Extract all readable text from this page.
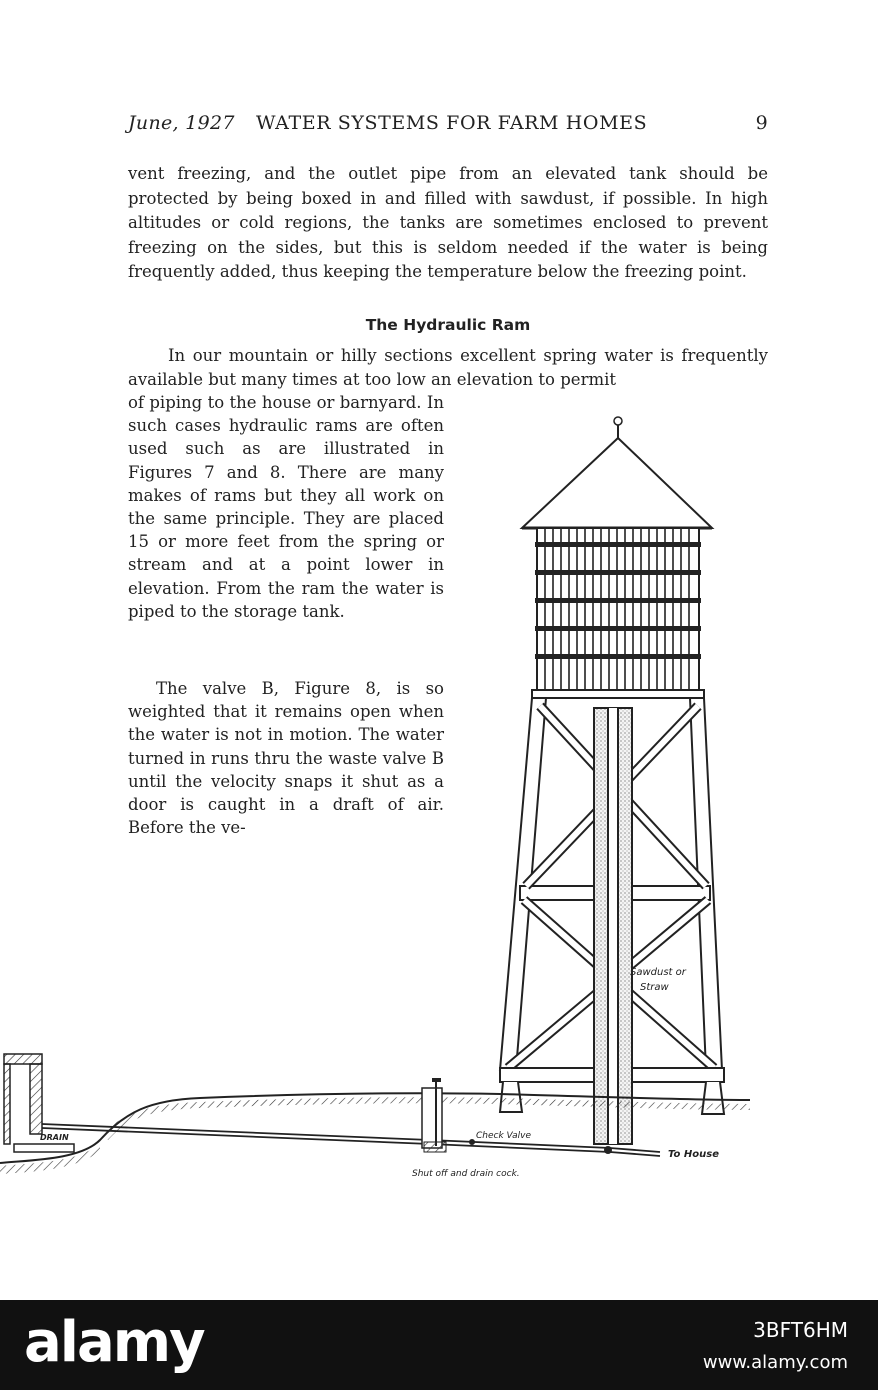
June, 1927 WATER SYSTEMS FOR FARM HOMES	9

vent freezing, and the outlet pipe from an elevated tank should be protected by being boxed in and filled with sawdust, if possible. In high altitudes or cold regions, the tanks are sometimes enclosed to prevent freezing on the sides, but this is seldom needed if the water is being frequently added, thus keeping the temperature below the freezing point.

The Hydraulic Ram

In our mountain or hilly sections excellent spring water is frequently available but many times at too low an elevation to permit

of piping to the house or barnyard. In such cases hydraulic rams are often used such as are illustrated in Figures 7 and 8. There are many makes of rams but they all work on the same principle. They are placed 15 or more feet from the spring or stream and at a point lower in elevation. From the ram the water is piped to the storage tank.

The valve B, Figure 8, is so weighted that it remains open when the water is not in motion. The water turned in runs thru the waste valve B until the velocity snaps it shut as a door is caught in a draft of air. Before the ve-

Sawdust or
Straw
DRAIN	Check Valve
To House
Shut off and drain cock.
alamy	3BFT6HM
www.alamy.com
